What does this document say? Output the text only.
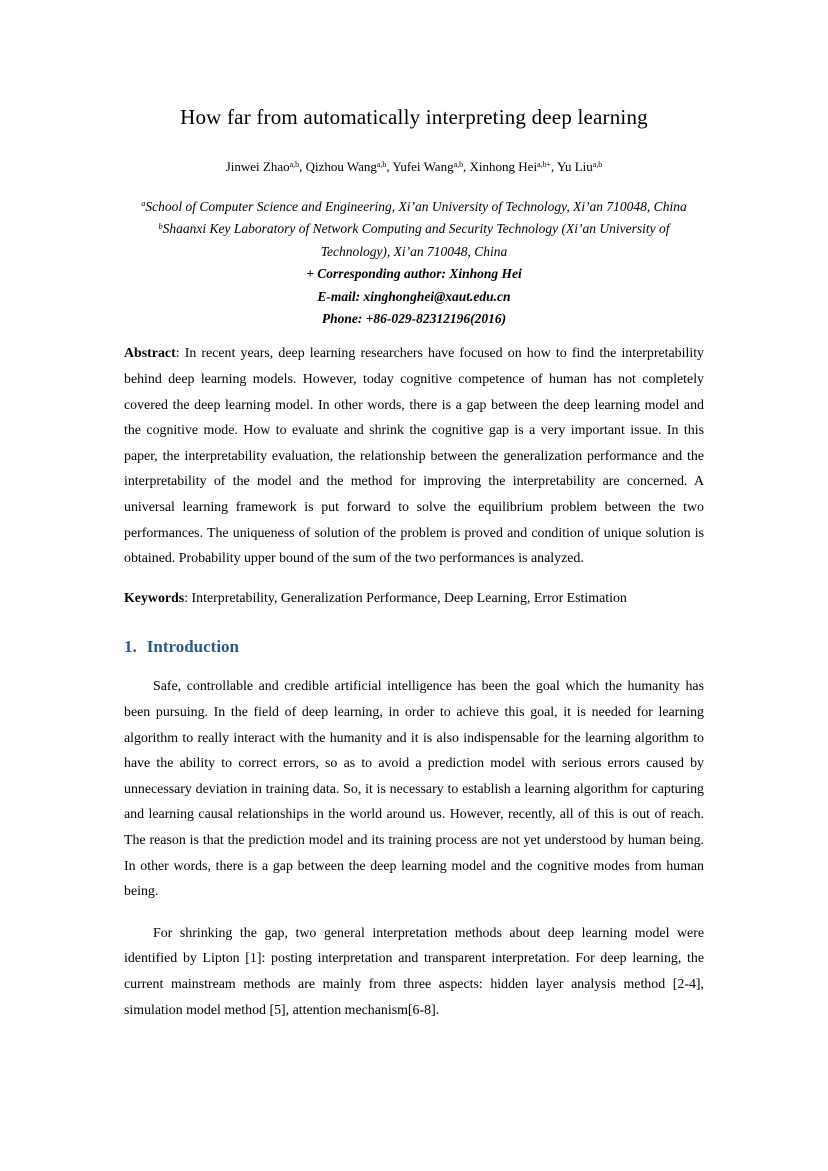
How far from automatically interpreting deep learning

Jinwei Zhao$^{a,b}$, Qizhou Wang$^{a,b}$, Yufei Wang$^{a,b}$, Xinhong Hei$^{a,b+}$, Yu Liu$^{a,b}$

$^a$School of Computer Science and Engineering, Xi’an University of Technology, Xi’an 710048, China

$^b$Shaanxi Key Laboratory of Network Computing and Security Technology (Xi’an University of Technology), Xi’an 710048, China

+ Corresponding author: Xinhong Hei

E-mail: xinghonghei@xaut.edu.cn

Phone: +86-029-82312196(2016)

Abstract: In recent years, deep learning researchers have focused on how to find the interpretability behind deep learning models. However, today cognitive competence of human has not completely covered the deep learning model. In other words, there is a gap between the deep learning model and the cognitive mode. How to evaluate and shrink the cognitive gap is a very important issue. In this paper, the interpretability evaluation, the relationship between the generalization performance and the interpretability of the model and the method for improving the interpretability are concerned. A universal learning framework is put forward to solve the equilibrium problem between the two performances. The uniqueness of solution of the problem is proved and condition of unique solution is obtained. Probability upper bound of the sum of the two performances is analyzed.

Keywords: Interpretability, Generalization Performance, Deep Learning, Error Estimation

1. Introduction

Safe, controllable and credible artificial intelligence has been the goal which the humanity has been pursuing. In the field of deep learning, in order to achieve this goal, it is needed for learning algorithm to really interact with the humanity and it is also indispensable for the learning algorithm to have the ability to correct errors, so as to avoid a prediction model with serious errors caused by unnecessary deviation in training data. So, it is necessary to establish a learning algorithm for capturing and learning causal relationships in the world around us. However, recently, all of this is out of reach. The reason is that the prediction model and its training process are not yet understood by human being. In other words, there is a gap between the deep learning model and the cognitive modes from human being.

For shrinking the gap, two general interpretation methods about deep learning model were identified by Lipton [1]: posting interpretation and transparent interpretation. For deep learning, the current mainstream methods are mainly from three aspects: hidden layer analysis method [2-4], simulation model method [5], attention mechanism[6-8].
